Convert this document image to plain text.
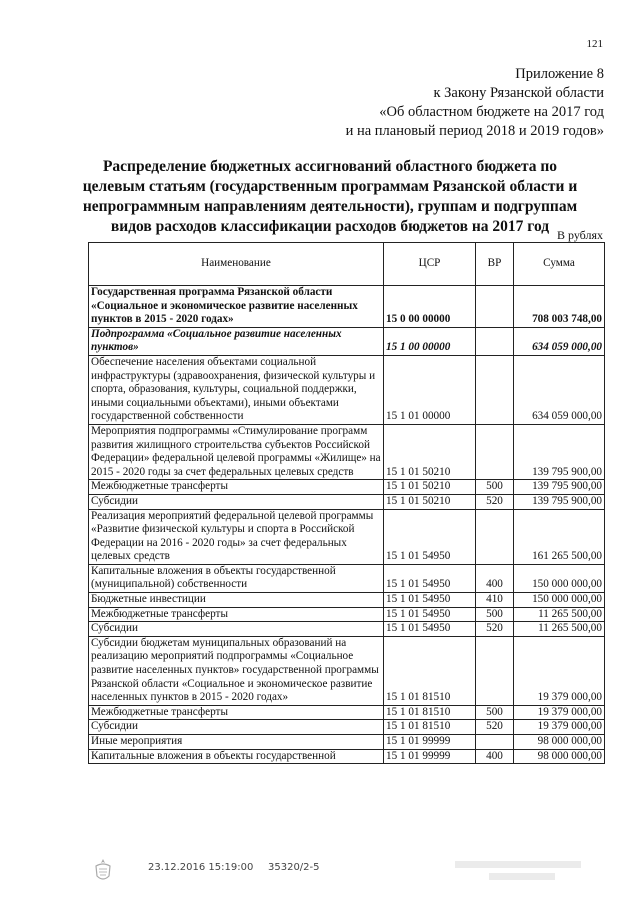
121
Приложение 8
к Закону Рязанской области
«Об областном бюджете на 2017 год
и на плановый период 2018 и 2019 годов»
Распределение бюджетных ассигнований областного бюджета по целевым статьям (государственным программам Рязанской области и непрограммным направлениям деятельности), группам и подгруппам видов расходов классификации расходов бюджетов на 2017 год В рублях
Наименование	ЦСР	ВР	Сумма
Государственная программа Рязанской области «Социальное и экономическое развитие населенных пунктов в 2015 - 2020 годах»	15 0 00 00000		708 003 748,00
Подпрограмма «Социальное развитие населенных пунктов»	15 1 00 00000		634 059 000,00
Обеспечение населения объектами социальной инфраструктуры (здравоохранения, физической культуры и спорта, образования, культуры, социальной поддержки, иными социальными объектами), иными объектами государственной собственности	15 1 01 00000		634 059 000,00
Мероприятия подпрограммы «Стимулирование программ развития жилищного строительства субъектов Российской Федерации» федеральной целевой программы «Жилище» на 2015 - 2020 годы за счет федеральных целевых средств	15 1 01 50210		139 795 900,00
Межбюджетные трансферты	15 1 01 50210	500	139 795 900,00
Субсидии	15 1 01 50210	520	139 795 900,00
Реализация мероприятий федеральной целевой программы «Развитие физической культуры и спорта в Российской Федерации на 2016 - 2020 годы» за счет федеральных целевых средств	15 1 01 54950		161 265 500,00
Капитальные вложения в объекты государственной (муниципальной) собственности	15 1 01 54950	400	150 000 000,00
Бюджетные инвестиции	15 1 01 54950	410	150 000 000,00
Межбюджетные трансферты	15 1 01 54950	500	11 265 500,00
Субсидии	15 1 01 54950	520	11 265 500,00
Субсидии бюджетам муниципальных образований на реализацию мероприятий подпрограммы «Социальное развитие населенных пунктов» государственной программы Рязанской области «Социальное и экономическое развитие населенных пунктов в 2015 - 2020 годах»	15 1 01 81510		19 379 000,00
Межбюджетные трансферты	15 1 01 81510	500	19 379 000,00
Субсидии	15 1 01 81510	520	19 379 000,00
Иные мероприятия	15 1 01 99999		98 000 000,00
Капитальные вложения в объекты государственной	15 1 01 99999	400	98 000 000,00
23.12.2016 15:19:00 35320/2-5
